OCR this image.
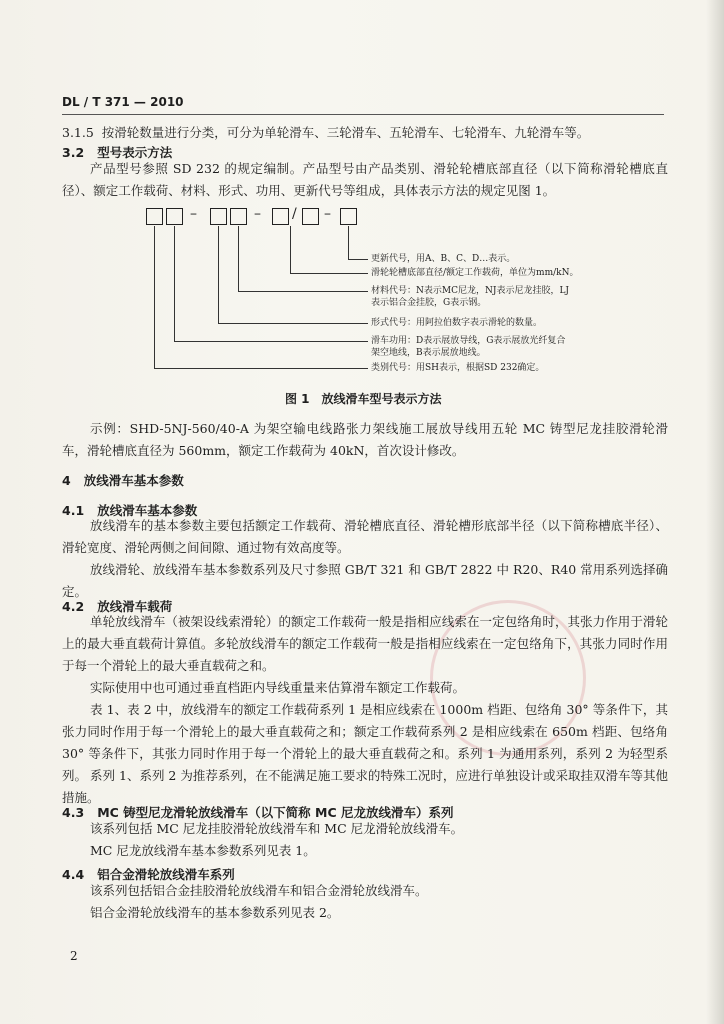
DL / T 371 — 2010
3.1.5 按滑轮数量进行分类，可分为单轮滑车、三轮滑车、五轮滑车、七轮滑车、九轮滑车等。
3.2 型号表示方法
产品型号参照 SD 232 的规定编制。产品型号由产品类别、滑轮轮槽底部直径（以下简称滑轮槽底直径）、额定工作载荷、材料、形式、功用、更新代号等组成，具体表示方法的规定见图 1。
–	– / –
更新代号，用A、B、C、D…表示。
滑轮轮槽底部直径/额定工作载荷，单位为mm/kN。
材料代号：N表示MC尼龙，NJ表示尼龙挂胶，LJ
表示铝合金挂胶，G表示钢。
形式代号：用阿拉伯数字表示滑轮的数量。
滑车功用：D表示展放导线，G表示展放光纤复合
架空地线，B表示展放地线。
类别代号：用SH表示，根据SD 232确定。
图 1　放线滑车型号表示方法
示例：SHD-5NJ-560/40-A 为架空输电线路张力架线施工展放导线用五轮 MC 铸型尼龙挂胶滑轮滑车，滑轮槽底直径为 560mm，额定工作载荷为 40kN，首次设计修改。
4 放线滑车基本参数
4.1 放线滑车基本参数
放线滑车的基本参数主要包括额定工作载荷、滑轮槽底直径、滑轮槽形底部半径（以下简称槽底半径）、滑轮宽度、滑轮两侧之间间隙、通过物有效高度等。
放线滑轮、放线滑车基本参数系列及尺寸参照 GB/T 321 和 GB/T 2822 中 R20、R40 常用系列选择确定。
4.2 放线滑车载荷
单轮放线滑车（被架设线索滑轮）的额定工作载荷一般是指相应线索在一定包络角时，其张力作用于滑轮上的最大垂直载荷计算值。多轮放线滑车的额定工作载荷一般是指相应线索在一定包络角下，其张力同时作用于每一个滑轮上的最大垂直载荷之和。
实际使用中也可通过垂直档距内导线重量来估算滑车额定工作载荷。
表 1、表 2 中，放线滑车的额定工作载荷系列 1 是相应线索在 1000m 档距、包络角 30° 等条件下，其张力同时作用于每一个滑轮上的最大垂直载荷之和；额定工作载荷系列 2 是相应线索在 650m 档距、包络角 30° 等条件下，其张力同时作用于每一个滑轮上的最大垂直载荷之和。系列 1 为通用系列，系列 2 为轻型系列。 系列 1、系列 2 为推荐系列，在不能满足施工要求的特殊工况时，应进行单独设计或采取挂双滑车等其他措施。
4.3 MC 铸型尼龙滑轮放线滑车（以下简称 MC 尼龙放线滑车）系列
该系列包括 MC 尼龙挂胶滑轮放线滑车和 MC 尼龙滑轮放线滑车。
MC 尼龙放线滑车基本参数系列见表 1。
4.4 铝合金滑轮放线滑车系列
该系列包括铝合金挂胶滑轮放线滑车和铝合金滑轮放线滑车。
铝合金滑轮放线滑车的基本参数系列见表 2。
2
